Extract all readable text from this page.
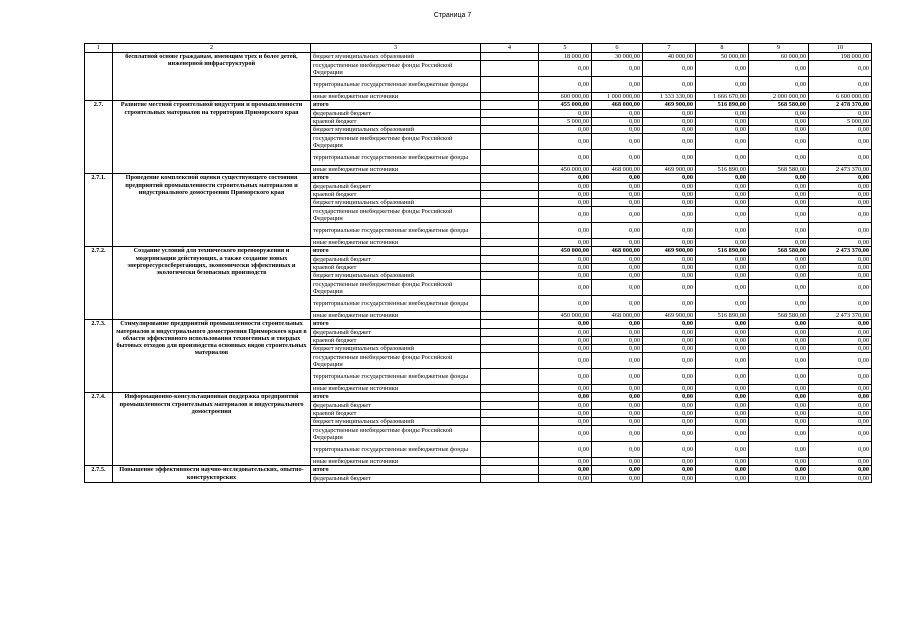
Страница 7
1	2	3	4	5	6	7	8	9	10
	бесплатной основе гражданам, имеющим трех и более детей, инженерной инфраструктурой	бюджет муниципальных образований		18 000,00	30 000,00	40 000,00	50 000,00	60 000,00	198 000,00
		государственные внебюджетные фонды Российской Федерации		0,00	0,00	0,00	0,00	0,00	0,00
		территориальные государственные внебюджетные фонды		0,00	0,00	0,00	0,00	0,00	0,00
		иные внебюджетные источники		600 000,00	1 000 000,00	1 333 330,00	1 666 670,00	2 000 000,00	6 600 000,00
2.7.	Развитие местной строительной индустрии и промышленности строительных материалов на территории Приморского края	итого		455 000,00	468 000,00	469 900,00	516 890,00	568 580,00	2 478 370,00
		федеральный бюджет		0,00	0,00	0,00	0,00	0,00	0,00
		краевой бюджет		5 000,00	0,00	0,00	0,00	0,00	5 000,00
		бюджет муниципальных образований		0,00	0,00	0,00	0,00	0,00	0,00
		государственные внебюджетные фонды Российской Федерации		0,00	0,00	0,00	0,00	0,00	0,00
		территориальные государственные внебюджетные фонды		0,00	0,00	0,00	0,00	0,00	0,00
		иные внебюджетные источники		450 000,00	468 000,00	469 900,00	516 890,00	568 580,00	2 473 370,00
2.7.1.	Проведение комплексной оценки существующего состояния предприятий промышленности строительных материалов и индустриального домостроения Приморского края	итого		0,00	0,00	0,00	0,00	0,00	0,00
		федеральный бюджет		0,00	0,00	0,00	0,00	0,00	0,00
		краевой бюджет		0,00	0,00	0,00	0,00	0,00	0,00
		бюджет муниципальных образований		0,00	0,00	0,00	0,00	0,00	0,00
		государственные внебюджетные фонды Российской Федерации		0,00	0,00	0,00	0,00	0,00	0,00
		территориальные государственные внебюджетные фонды		0,00	0,00	0,00	0,00	0,00	0,00
		иные внебюджетные источники		0,00	0,00	0,00	0,00	0,00	0,00
2.7.2.	Создание условий для технического перевооружения и модернизации действующих, а также создание новых энергоресурсосберегающих, экономически эффективных и экологически безопасных производств	итого		450 000,00	468 000,00	469 900,00	516 890,00	568 580,00	2 473 370,00
		федеральный бюджет		0,00	0,00	0,00	0,00	0,00	0,00
		краевой бюджет		0,00	0,00	0,00	0,00	0,00	0,00
		бюджет муниципальных образований		0,00	0,00	0,00	0,00	0,00	0,00
		государственные внебюджетные фонды Российской Федерации		0,00	0,00	0,00	0,00	0,00	0,00
		территориальные государственные внебюджетные фонды		0,00	0,00	0,00	0,00	0,00	0,00
		иные внебюджетные источники		450 000,00	468 000,00	469 900,00	516 890,00	568 580,00	2 473 370,00
2.7.3.	Стимулирование предприятий промышленности строительных материалов и индустриального домостроения Приморского края в области эффективного использования техногенных и твердых бытовых отходов для производства основных видов строительных материалов	итого		0,00	0,00	0,00	0,00	0,00	0,00
		федеральный бюджет		0,00	0,00	0,00	0,00	0,00	0,00
		краевой бюджет		0,00	0,00	0,00	0,00	0,00	0,00
		бюджет муниципальных образований		0,00	0,00	0,00	0,00	0,00	0,00
		государственные внебюджетные фонды Российской Федерации		0,00	0,00	0,00	0,00	0,00	0,00
		территориальные государственные внебюджетные фонды		0,00	0,00	0,00	0,00	0,00	0,00
		иные внебюджетные источники		0,00	0,00	0,00	0,00	0,00	0,00
2.7.4.	Информационно-консультационная поддержка предприятий промышленности строительных материалов и индустриального домостроения	итого		0,00	0,00	0,00	0,00	0,00	0,00
		федеральный бюджет		0,00	0,00	0,00	0,00	0,00	0,00
		краевой бюджет		0,00	0,00	0,00	0,00	0,00	0,00
		бюджет муниципальных образований		0,00	0,00	0,00	0,00	0,00	0,00
		государственные внебюджетные фонды Российской Федерации		0,00	0,00	0,00	0,00	0,00	0,00
		территориальные государственные внебюджетные фонды		0,00	0,00	0,00	0,00	0,00	0,00
		иные внебюджетные источники		0,00	0,00	0,00	0,00	0,00	0,00
2.7.5.	Повышение эффективности научно-исследовательских, опытно-конструкторских	итого		0,00	0,00	0,00	0,00	0,00	0,00
		федеральный бюджет		0,00	0,00	0,00	0,00	0,00	0,00
